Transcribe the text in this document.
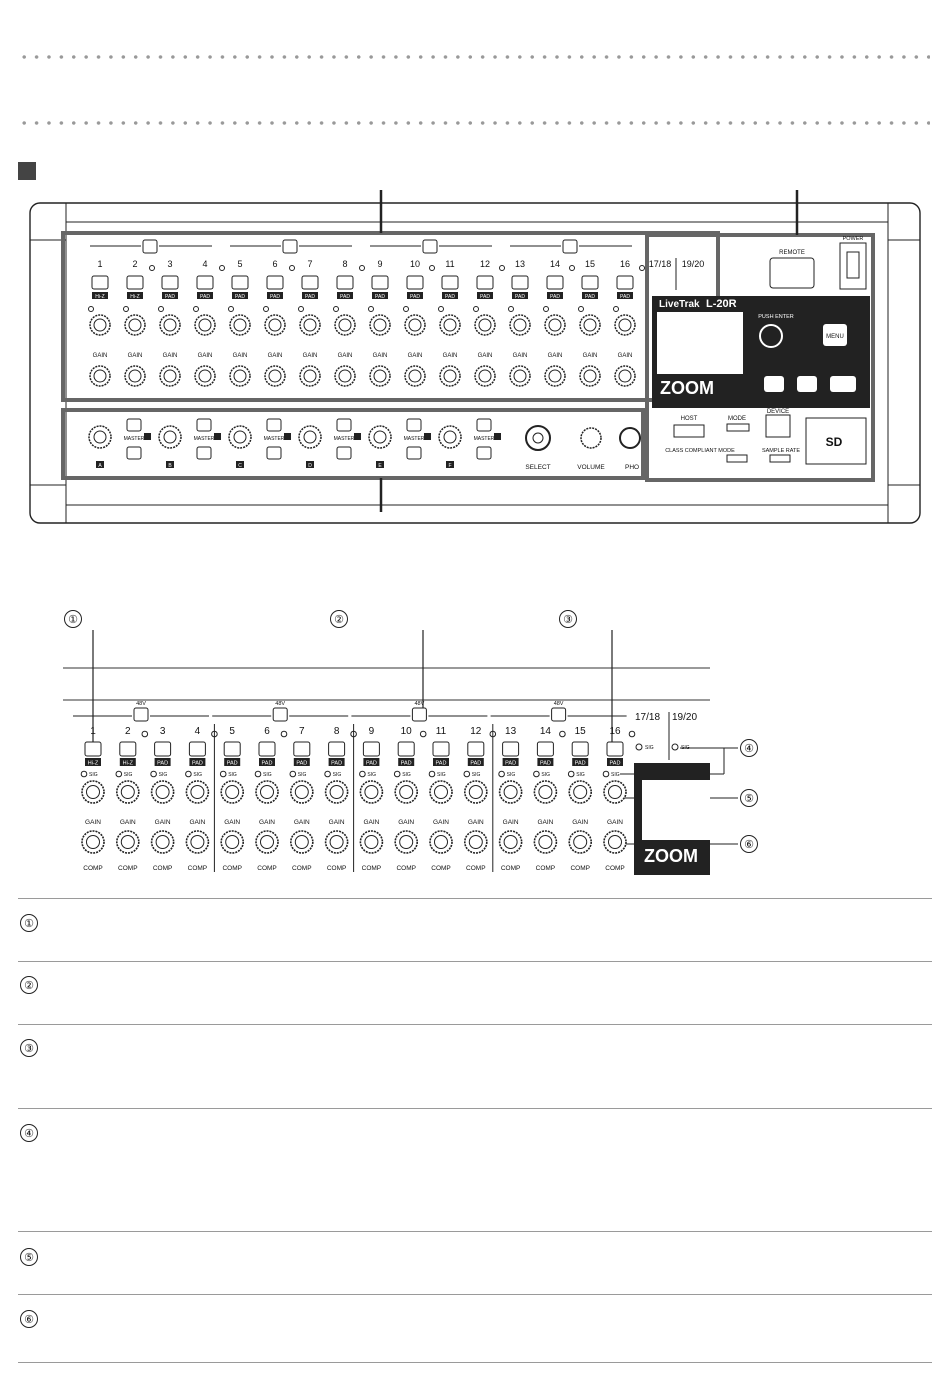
1
Hi-Z
GAIN
2
Hi-Z
GAIN
3
PAD
GAIN
4
PAD
GAIN
5
PAD
GAIN
6
PAD
GAIN
7
PAD
GAIN
8
PAD
GAIN
9
PAD
GAIN
10
PAD
GAIN
11
PAD
GAIN
12
PAD
GAIN
13
PAD
GAIN
14
PAD
GAIN
15
PAD
GAIN
16
PAD
GAIN
17/18 19/20
MASTER
A
MASTER
B
MASTER
C
MASTER
D
MASTER
E
MASTER
F	SELECT	VOLUME	PHO
REMOTE
POWER
LiveTrak L-20R
ZOOM
PUSH ENTER
MENU
HOST	MODE
DEVICE
SD
CLASS COMPLIANT MODE	SAMPLE RATE
ZOOM
17/18 19/20
SIG	SIG
1
Hi-Z
SIG
GAIN
COMP
2
Hi-Z
SIG
GAIN
COMP
3
PAD
SIG
GAIN
COMP
4
PAD
SIG
GAIN
COMP
5
PAD
SIG
GAIN
COMP
6
PAD
SIG
GAIN
COMP
7
PAD
SIG
GAIN
COMP
8
PAD
SIG
GAIN
COMP
9
PAD
SIG
GAIN
COMP
10
PAD
SIG
GAIN
COMP
11
PAD
SIG
GAIN
COMP
12
PAD
SIG
GAIN
COMP
13
PAD
SIG
GAIN
COMP
14
PAD
SIG
GAIN
COMP
15
PAD
SIG
GAIN
COMP
16
PAD
SIG
GAIN
COMP
48V	48V	48V	48V
①	②	③
④
⑤
⑥
①
②
③
④
⑤
⑥
